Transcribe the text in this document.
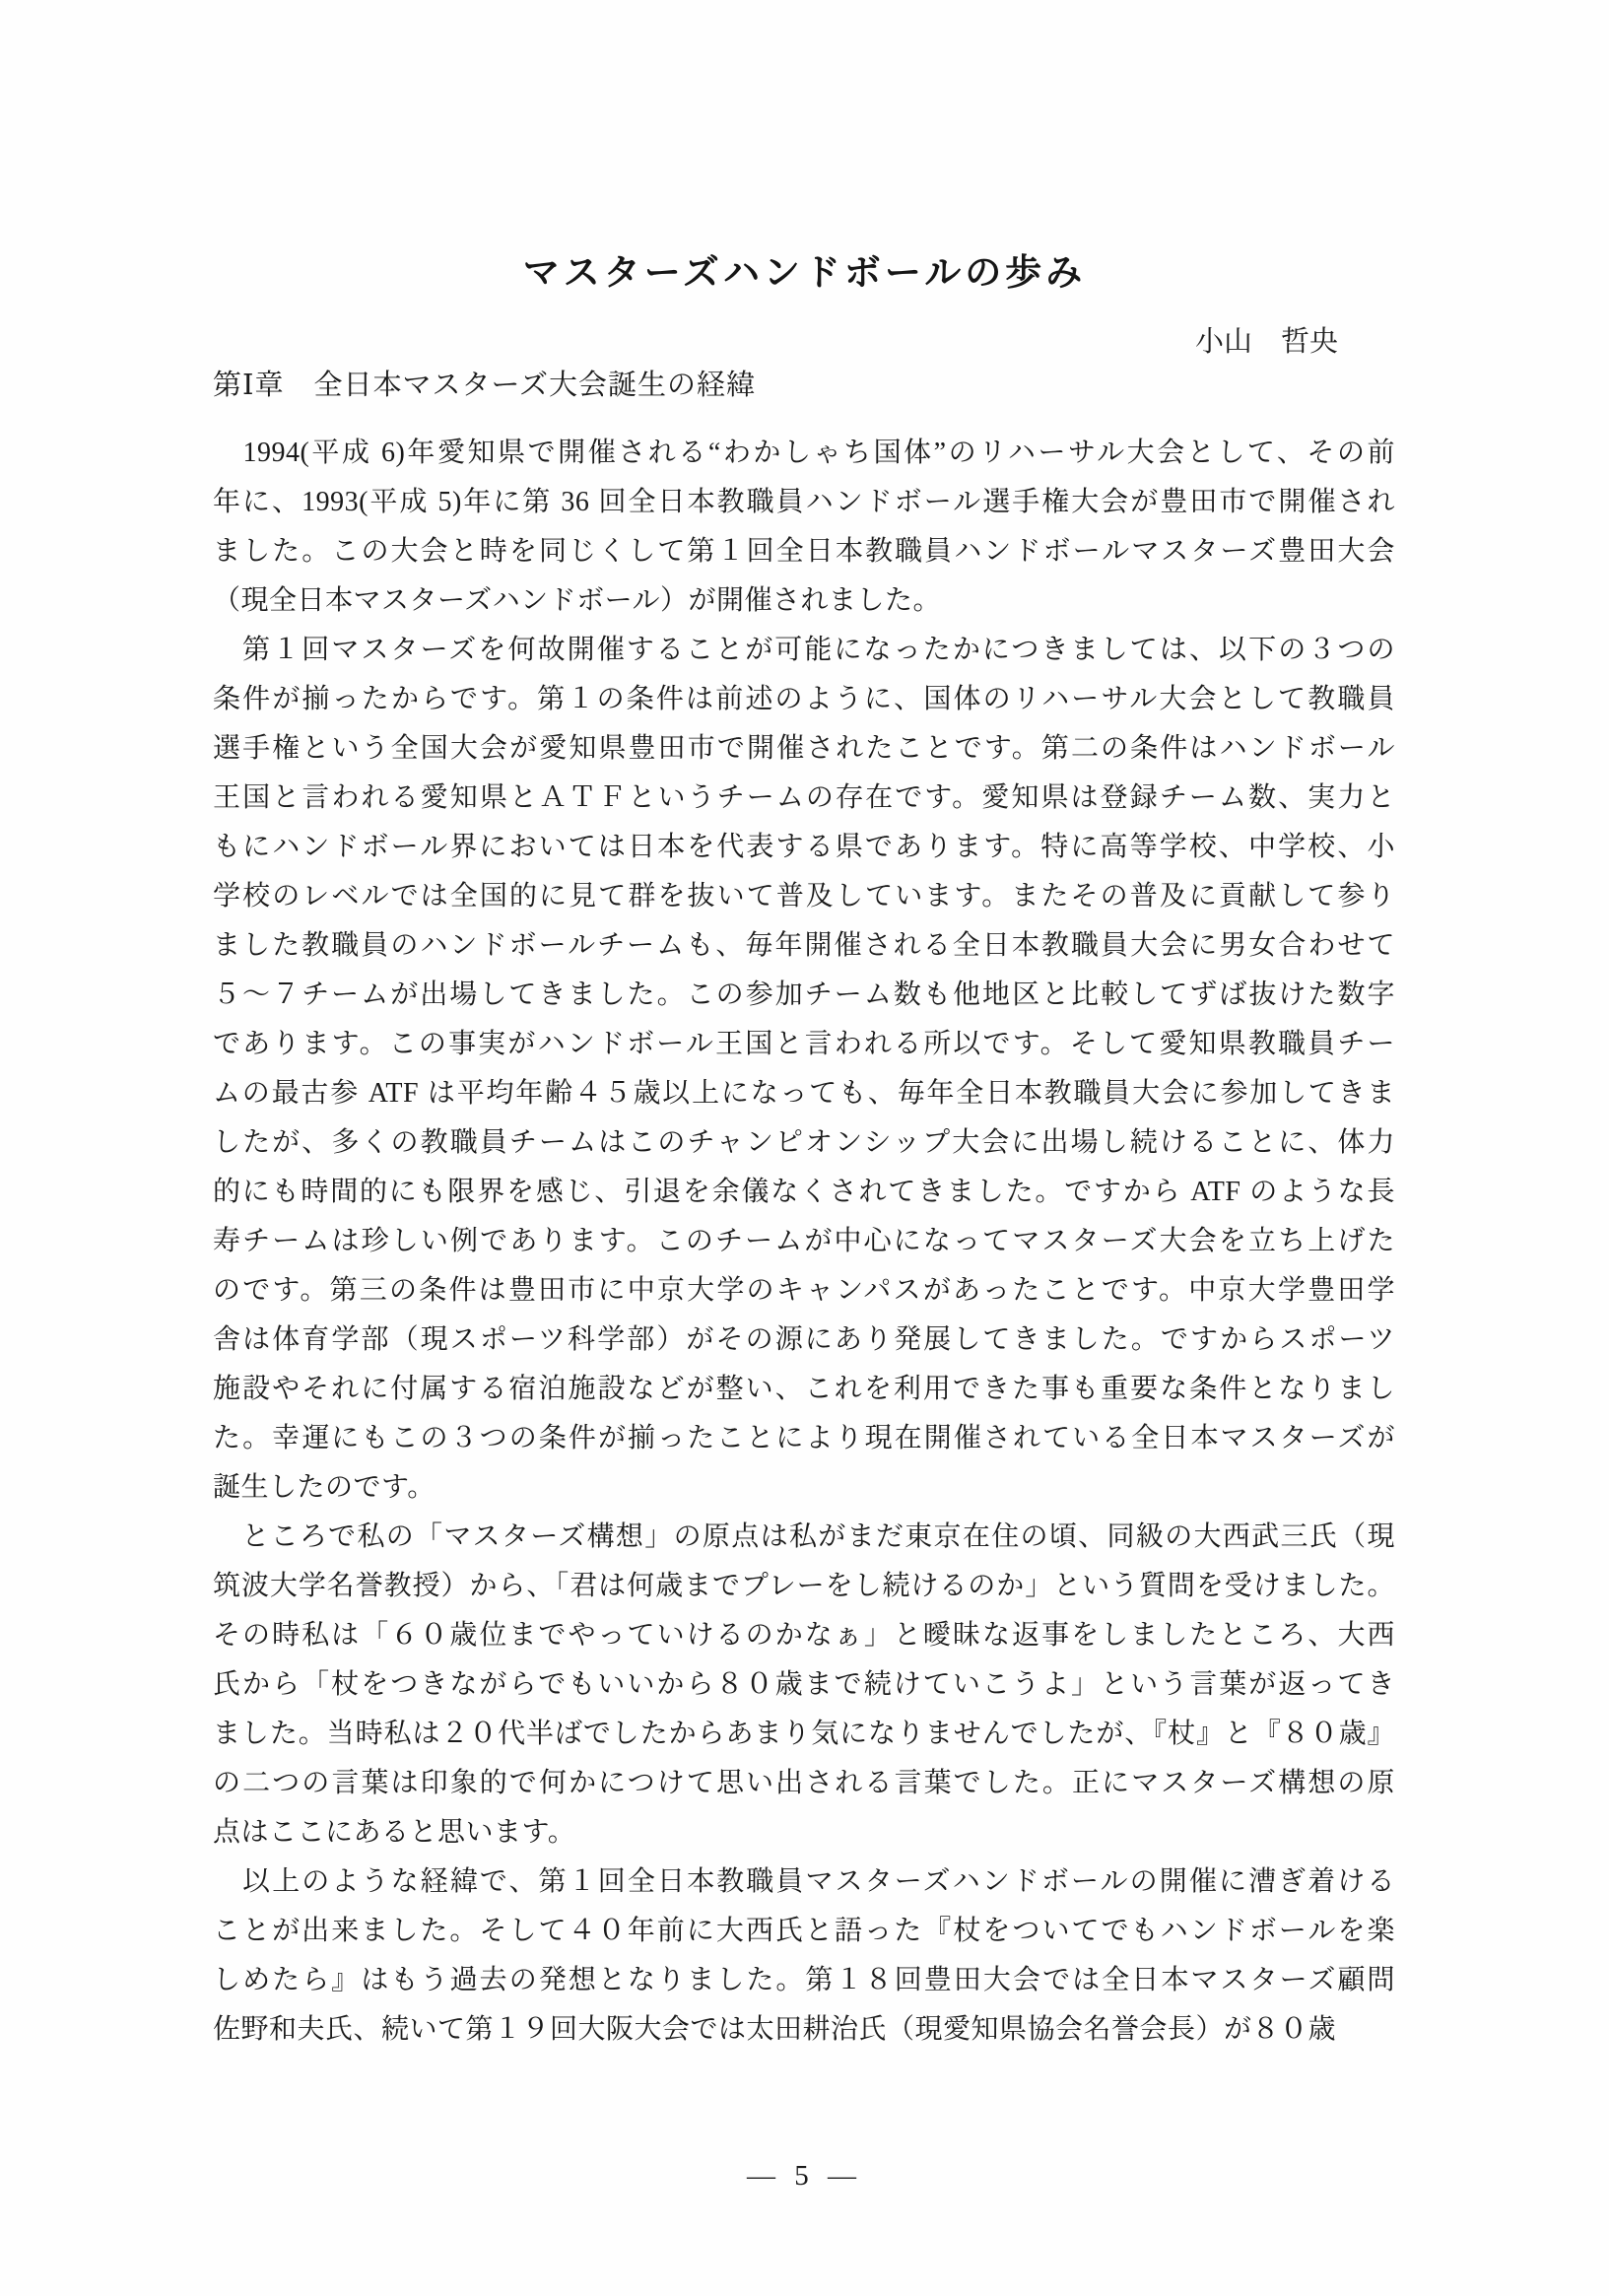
マスターズハンドボールの歩み
小山　哲央
第Ⅰ章　全日本マスターズ大会誕生の経緯
　1994(平成 6)年愛知県で開催される“わかしゃち国体”のリハーサル大会として、その前
年に、1993(平成 5)年に第 36 回全日本教職員ハンドボール選手権大会が豊田市で開催され
ました。この大会と時を同じくして第１回全日本教職員ハンドボールマスターズ豊田大会
（現全日本マスターズハンドボール）が開催されました。
　第１回マスターズを何故開催することが可能になったかにつきましては、以下の３つの
条件が揃ったからです。第１の条件は前述のように、国体のリハーサル大会として教職員
選手権という全国大会が愛知県豊田市で開催されたことです。第二の条件はハンドボール
王国と言われる愛知県とＡＴＦというチームの存在です。愛知県は登録チーム数、実力と
もにハンドボール界においては日本を代表する県であります。特に高等学校、中学校、小
学校のレベルでは全国的に見て群を抜いて普及しています。またその普及に貢献して参り
ました教職員のハンドボールチームも、毎年開催される全日本教職員大会に男女合わせて
５～７チームが出場してきました。この参加チーム数も他地区と比較してずば抜けた数字
であります。この事実がハンドボール王国と言われる所以です。そして愛知県教職員チー
ムの最古参 ATF は平均年齢４５歳以上になっても、毎年全日本教職員大会に参加してきま
したが、多くの教職員チームはこのチャンピオンシップ大会に出場し続けることに、体力
的にも時間的にも限界を感じ、引退を余儀なくされてきました。ですから ATF のような長
寿チームは珍しい例であります。このチームが中心になってマスターズ大会を立ち上げた
のです。第三の条件は豊田市に中京大学のキャンパスがあったことです。中京大学豊田学
舎は体育学部（現スポーツ科学部）がその源にあり発展してきました。ですからスポーツ
施設やそれに付属する宿泊施設などが整い、これを利用できた事も重要な条件となりまし
た。幸運にもこの３つの条件が揃ったことにより現在開催されている全日本マスターズが
誕生したのです。
　ところで私の「マスターズ構想」の原点は私がまだ東京在住の頃、同級の大西武三氏（現
筑波大学名誉教授）から、「君は何歳までプレーをし続けるのか」という質問を受けました。
その時私は「６０歳位までやっていけるのかなぁ」と曖昧な返事をしましたところ、大西
氏から「杖をつきながらでもいいから８０歳まで続けていこうよ」という言葉が返ってき
ました。当時私は２０代半ばでしたからあまり気になりませんでしたが、『杖』と『８０歳』
の二つの言葉は印象的で何かにつけて思い出される言葉でした。正にマスターズ構想の原
点はここにあると思います。
　以上のような経緯で、第１回全日本教職員マスターズハンドボールの開催に漕ぎ着ける
ことが出来ました。そして４０年前に大西氏と語った『杖をついてでもハンドボールを楽
しめたら』はもう過去の発想となりました。第１８回豊田大会では全日本マスターズ顧問
佐野和夫氏、続いて第１９回大阪大会では太田耕治氏（現愛知県協会名誉会長）が８０歳
— 5 —
